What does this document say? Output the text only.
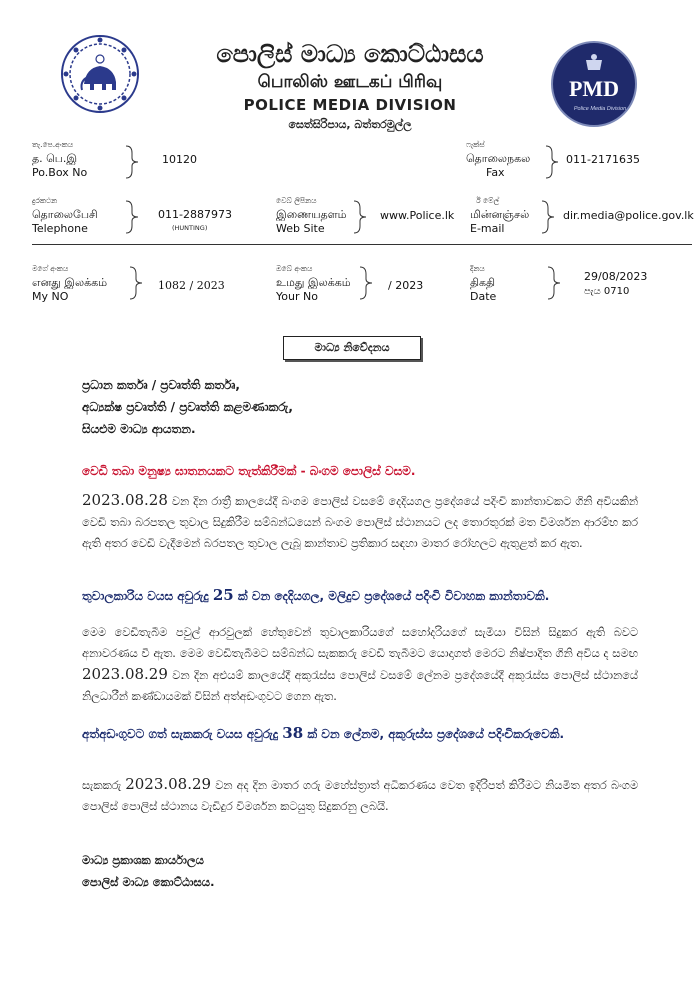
පොලිස් මාධ්‍ය කොට්ඨාසය
பொலிஸ் ஊடகப் பிரிவு
POLICE MEDIA DIVISION
සෙත්සිරිපාය, බත්තරමුල්ල
PMD
Police Media Division
තැ.පෙ.අංකය
த. பெ.இ
Po.Box No
10120
ෆැක්ස්
தொலைநகல
Fax
011-2171635
දුරකථන
தொலைபேசி
Telephone
011-2887973
(HUNTING)
වෙබ් ලිපිනය
இணையதளம்
Web Site
www.Police.lk
ඊ මේල්
மின்னஞ்சல்
E-mail
dir.media@police.gov.lk
මගේ අංකය
எனது இலக்கம்
My NO
1082 / 2023
ඔබේ අංකය
உமது இலக்கம்
Your No
/ 2023
දිනය
திகதி
Date
29/08/2023
පැය 0710
මාධ්‍ය නිවේදනය
ප්‍රධාන කර්තෘ / ප්‍රවෘත්ති කර්තෘ,
අධ්‍යක්ෂ ප්‍රවෘත්ති / ප්‍රවෘත්ති කළමණාකරු,
සියළුම මාධ්‍ය ආයතන.
වෙඩි තබා මනුෂ්‍ය ඝාතනයකට තැත්කිරීමක් - බංගම පොලිස් වසම.
2023.08.28 වන දින රාත්‍රී කාලයේදී බංගම පොලිස් වසමේ දෙදියගල ප්‍රදේශයේ පදිංචි කාන්තාවකට ගිනි අවියකින් වෙඩි තබා බරපතල තුවාල සිදුකිරීම සම්බන්ධයෙන් බංගම පොලිස් ස්ථානයට ලද තොරතුරක් මත විමර්ශන ආරම්භ කර ඇති අතර වෙඩි වැදීමෙන් බරපතල තුවාල ලැබූ කාන්තාව ප්‍රතිකාර සඳහා මාතර රෝහලට ඇතුළත් කර ඇත.
තුවාලකාරිය වයස අවුරුදු 25 ක් වන දෙදියගල, මලිදුව ප්‍රදේශයේ පදිංචි විවාහක කාන්තාවකි.
මෙම වෙඩිතැබීම පවුල් ආරවුලක් හේතුවෙන් තුවාලකාරියගේ සහෝදරියගේ සැමියා විසින් සිදුකර ඇති බවට අනාවරණය වී ඇත. මෙම වෙඩිතැබීමට සම්බන්ධ සැකකරු වෙඩි තැබීමට යොදාගත් මෙරට නිෂ්පාදිත ගිනි අවිය ද සමඟ 2023.08.29 වන දින අළුයම් කාලයේදී අකුරැස්ස පොලිස් වසමේ ලේනම ප්‍රදේශයේදී අකුරැස්ස පොලිස් ස්ථානයේ නිලධාරීන් කණ්ඩායමක් විසින් අත්අඩංගුවට ගෙන ඇත.
අත්අඩංගුවට ගත් සැකකරු වයස අවුරුදු 38 ක් වන ලේනම, අකුරුස්ස ප්‍රදේශයේ පදිංචිකරුවෙකි.
සැකකරු 2023.08.29 වන අද දින මාතර ගරු මහේස්ත්‍රාත් අධිකරණය වෙත ඉදිරිපත් කිරීමට නියමිත අතර බංගම පොලිස් පොලිස් ස්ථානය වැඩිදුර විමර්ශන කටයුතු සිදුකරනු ලබයි.
මාධ්‍ය ප්‍රකාශක කාර්යාලය
පොලිස් මාධ්‍ය කොට්ඨාසය.
